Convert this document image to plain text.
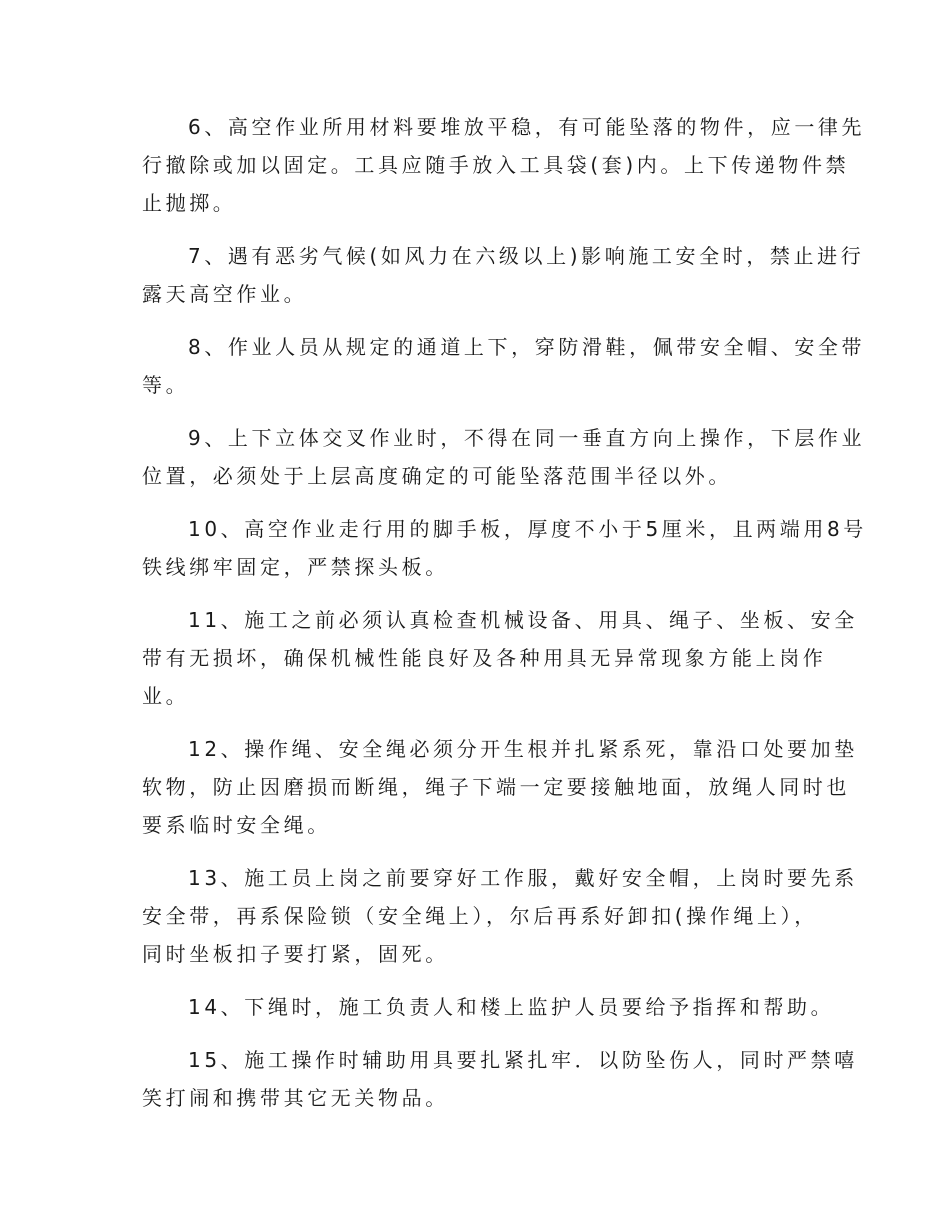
6、高空作业所用材料要堆放平稳，有可能坠落的物件，应一律先
行撤除或加以固定。工具应随手放入工具袋(套)内。上下传递物件禁
止抛掷。

7、遇有恶劣气候(如风力在六级以上)影响施工安全时，禁止进行
露天高空作业。

8、作业人员从规定的通道上下，穿防滑鞋，佩带安全帽、安全带
等。

9、上下立体交叉作业时，不得在同一垂直方向上操作，下层作业
位置，必须处于上层高度确定的可能坠落范围半径以外。

10、高空作业走行用的脚手板，厚度不小于5厘米，且两端用8号
铁线绑牢固定，严禁探头板。

11、施工之前必须认真检查机械设备、用具、绳子、坐板、安全
带有无损坏，确保机械性能良好及各种用具无异常现象方能上岗作
业。

12、操作绳、安全绳必须分开生根并扎紧系死，靠沿口处要加垫
软物，防止因磨损而断绳，绳子下端一定要接触地面，放绳人同时也
要系临时安全绳。

13、施工员上岗之前要穿好工作服，戴好安全帽，上岗时要先系
安全带，再系保险锁（安全绳上），尔后再系好卸扣(操作绳上），
同时坐板扣子要打紧，固死。

14、下绳时，施工负责人和楼上监护人员要给予指挥和帮助。

15、施工操作时辅助用具要扎紧扎牢．以防坠伤人，同时严禁嘻
笑打闹和携带其它无关物品。
